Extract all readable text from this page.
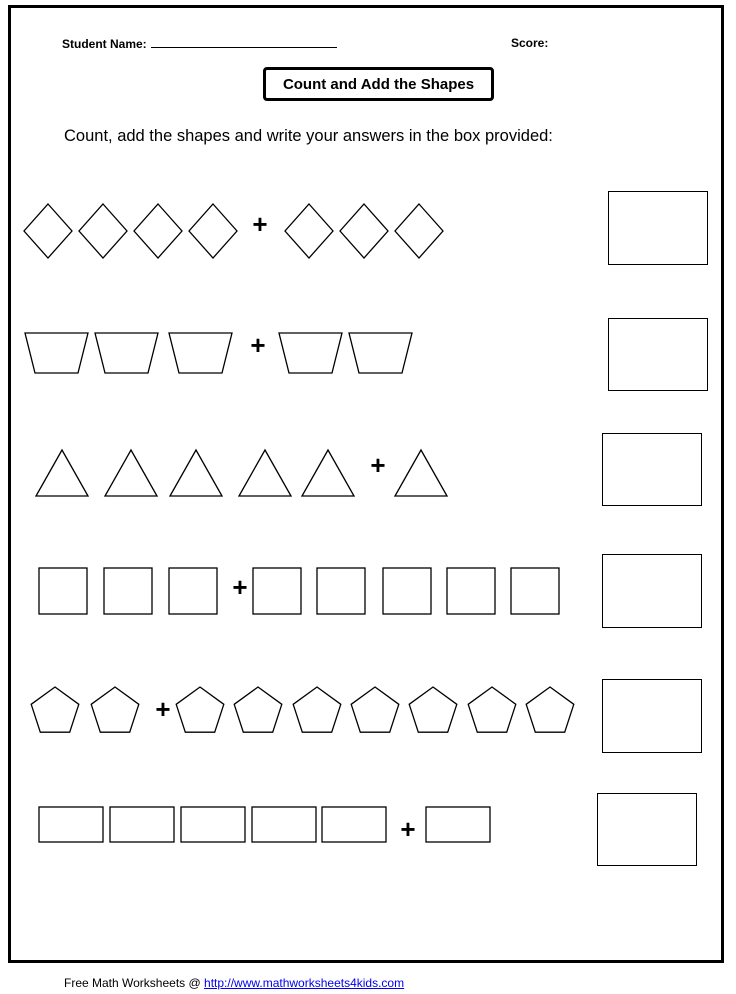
Student Name:	Score:
Count and Add the Shapes
Count, add the shapes and write your answers in the box provided:
+
+
+
+
+
+
Free Math Worksheets @ http://www.mathworksheets4kids.com
